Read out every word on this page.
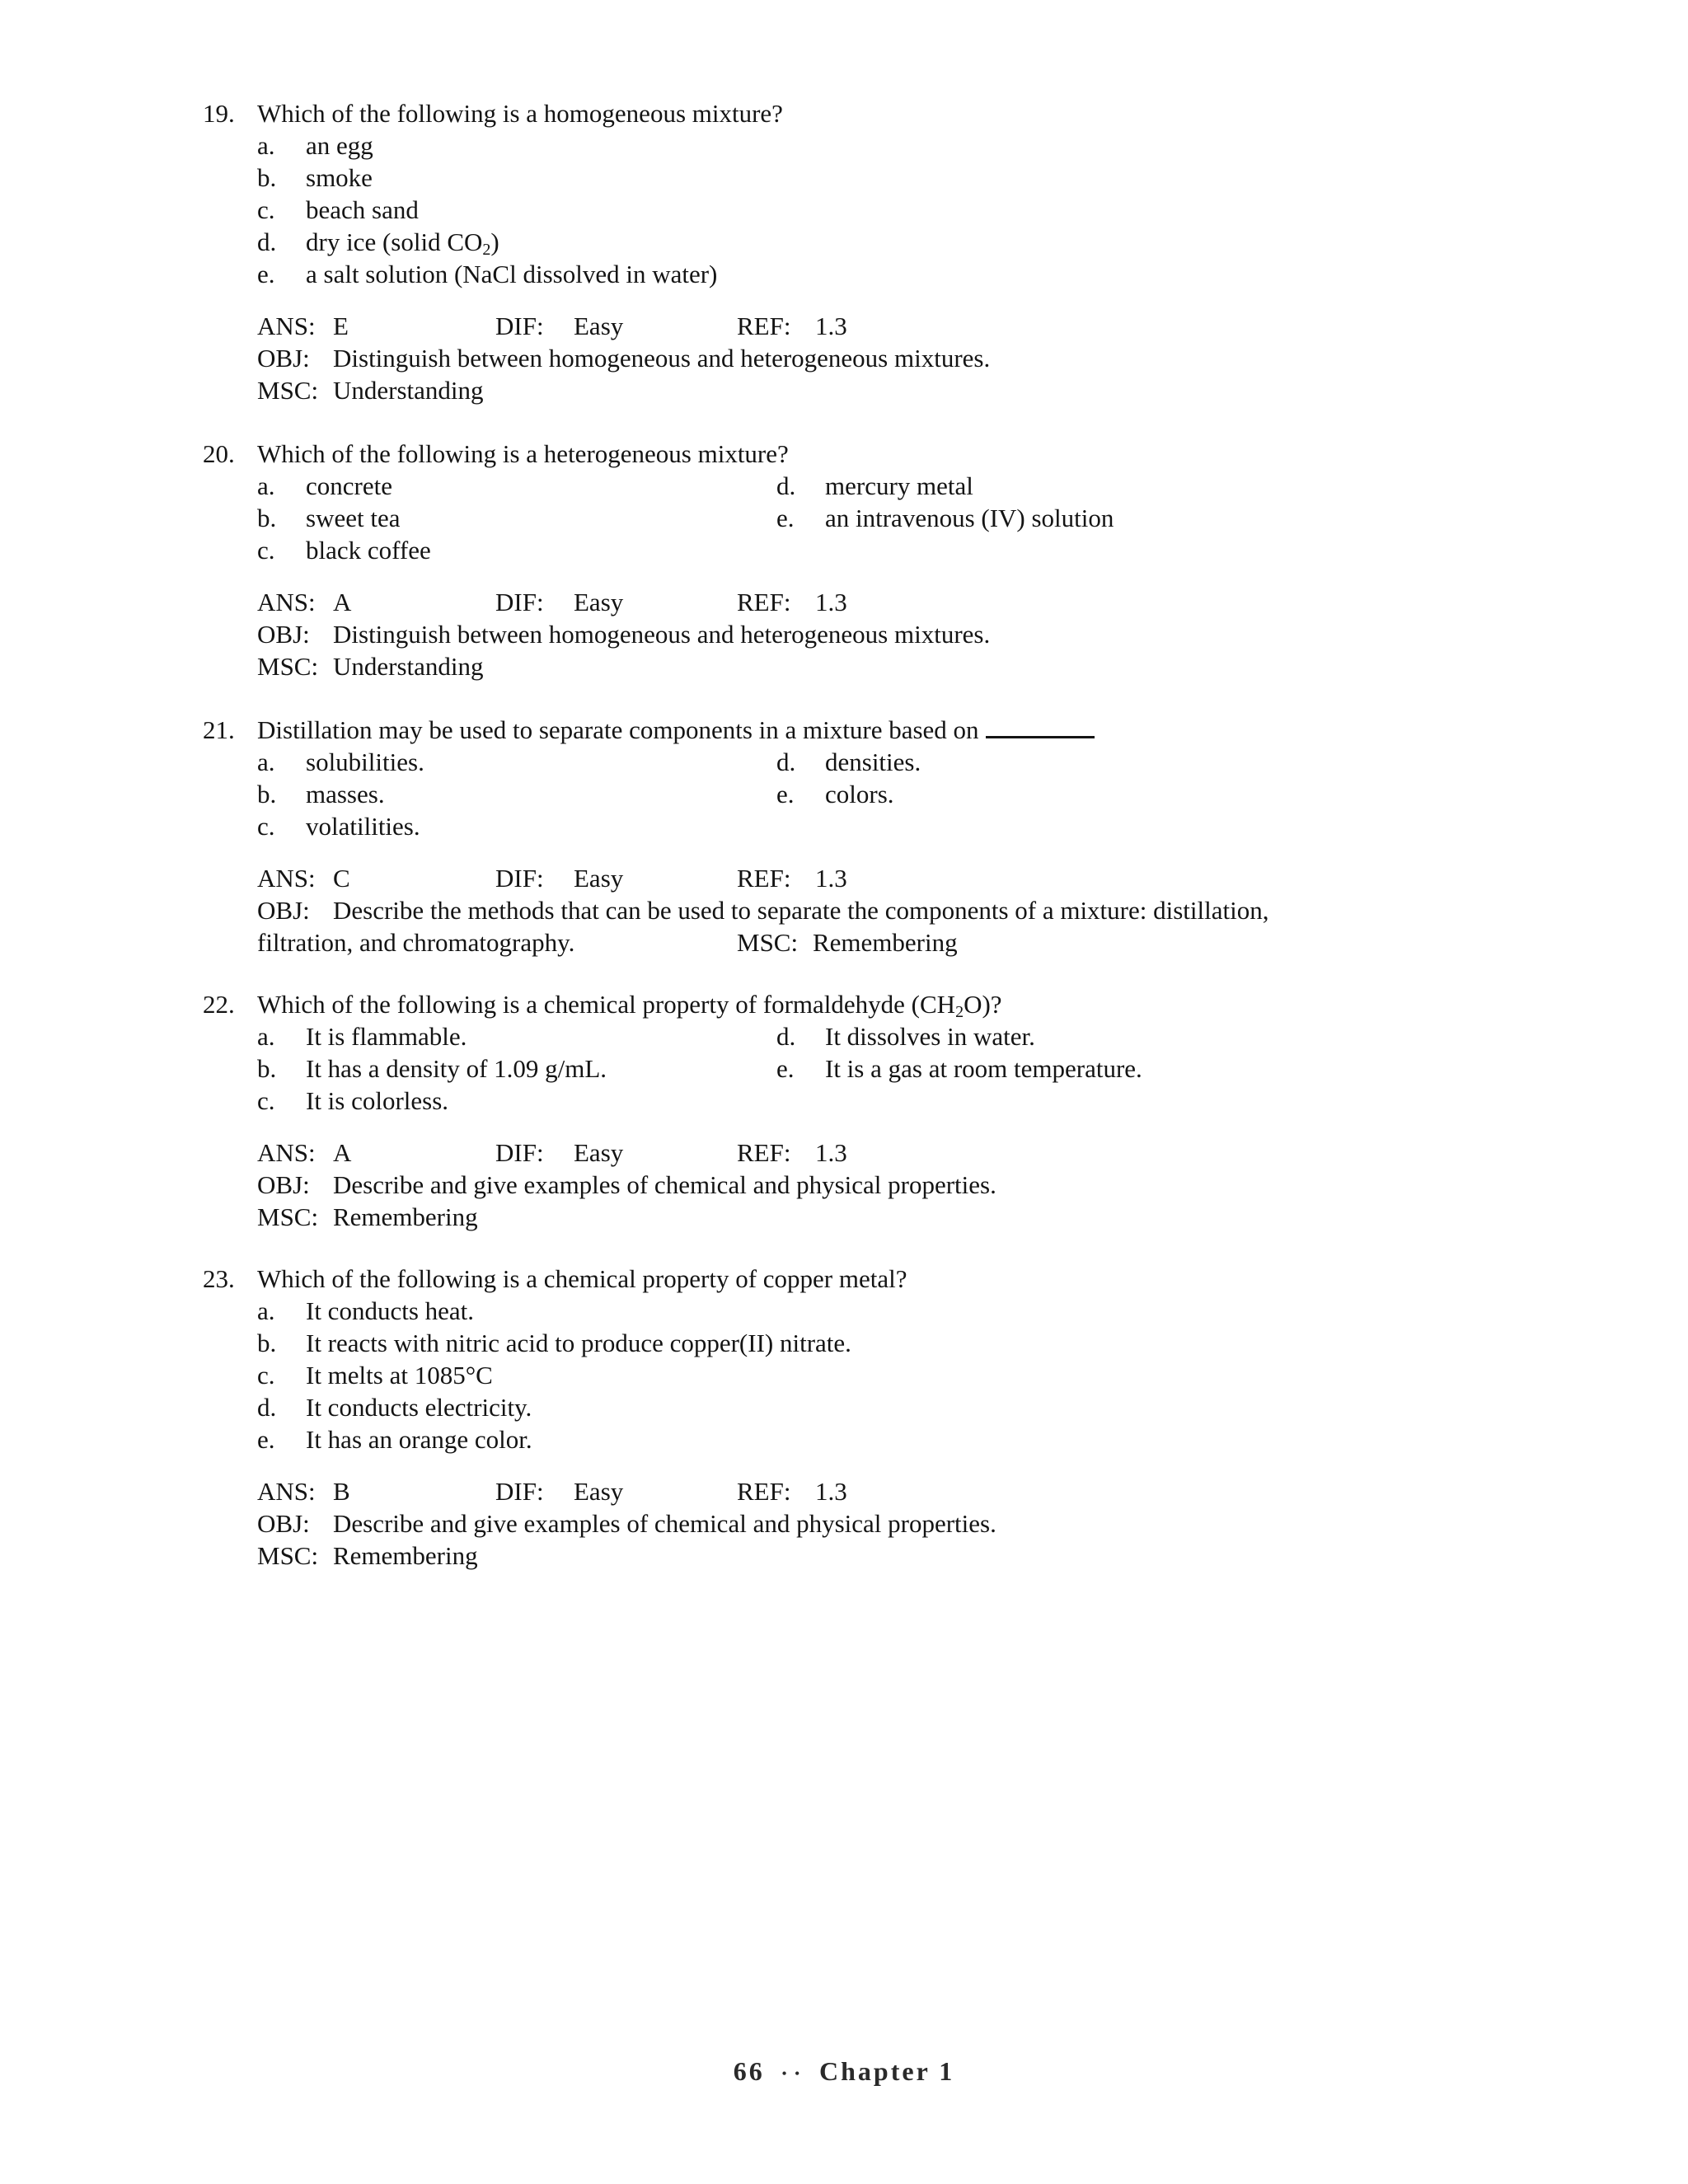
19. Which of the following is a homogeneous mixture?
a. an egg
b. smoke
c. beach sand
d. dry ice (solid $CO_2$)
e. a salt solution (NaCl dissolved in water)
ANS: E	DIF: Easy	REF: 1.3
OBJ: Distinguish between homogeneous and heterogeneous mixtures.
MSC: Understanding
20. Which of the following is a heterogeneous mixture?
a. concrete	d. mercury metal
b. sweet tea	e. an intravenous (IV) solution
c. black coffee
ANS: A	DIF: Easy	REF: 1.3
OBJ: Distinguish between homogeneous and heterogeneous mixtures.
MSC: Understanding
21. Distillation may be used to separate components in a mixture based on
a. solubilities.	d. densities.
b. masses.	e. colors.
c. volatilities.
ANS: C	DIF: Easy	REF: 1.3
OBJ: Describe the methods that can be used to separate the components of a mixture: distillation,
filtration, and chromatography.	MSC: Remembering
22. Which of the following is a chemical property of formaldehyde $(CH_2O)$?
a. It is flammable.	d. It dissolves in water.
b. It has a density of 1.09 g/mL.	e. It is a gas at room temperature.
c. It is colorless.
ANS: A	DIF: Easy	REF: 1.3
OBJ: Describe and give examples of chemical and physical properties.
MSC: Remembering
23. Which of the following is a chemical property of copper metal?
a. It conducts heat.
b. It reacts with nitric acid to produce copper(II) nitrate.
c. It melts at 1085°C
d. It conducts electricity.
e. It has an orange color.
ANS: B	DIF: Easy	REF: 1.3
OBJ: Describe and give examples of chemical and physical properties.
MSC: Remembering
66 • • Chapter 1
